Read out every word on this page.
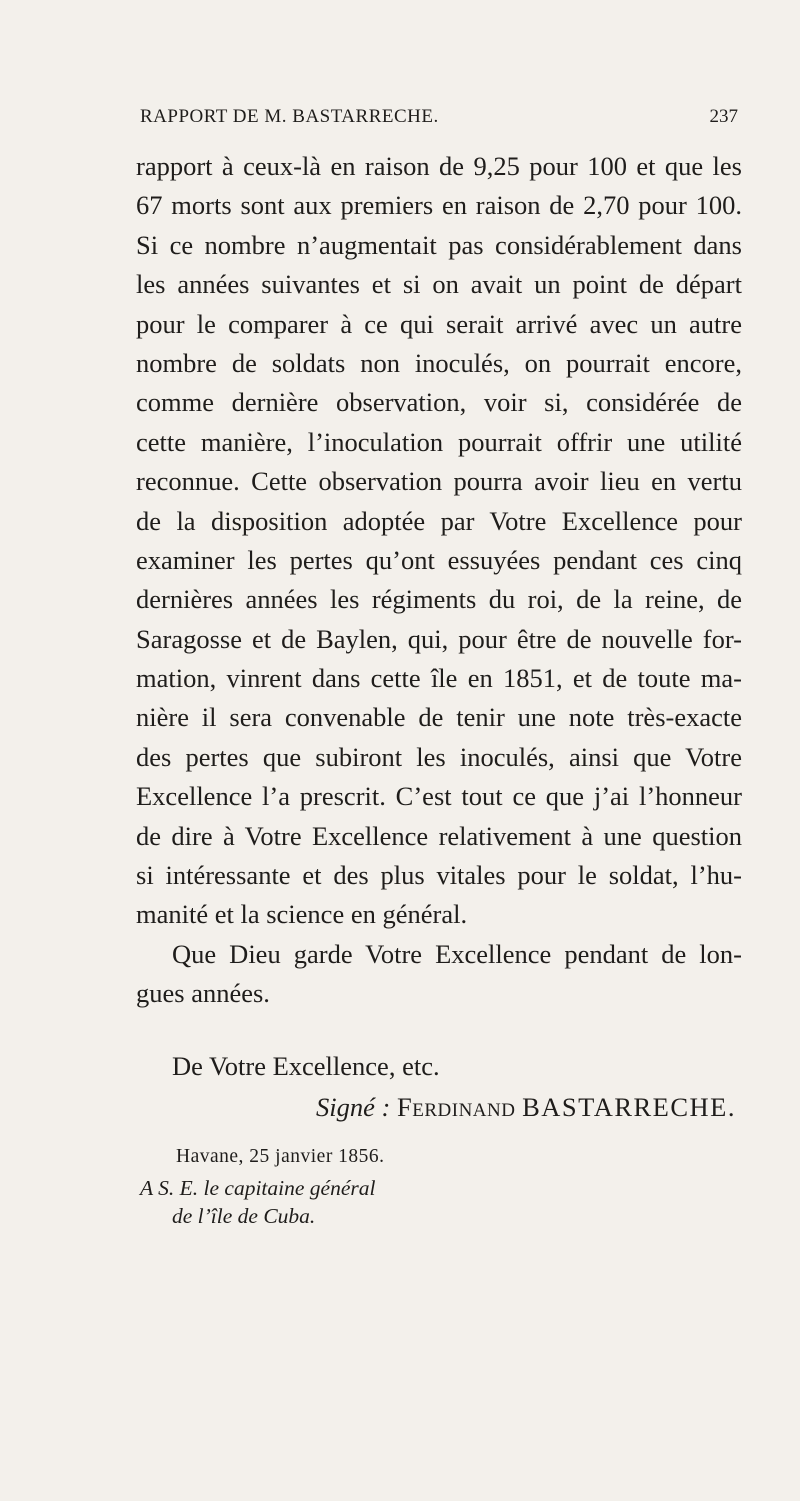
RAPPORT DE M. BASTARRECHE.	237
rapport à ceux-là en raison de 9,25 pour 100 et que les
67 morts sont aux premiers en raison de 2,70 pour 100.
Si ce nombre n’augmentait pas considérablement dans
les années suivantes et si on avait un point de départ
pour le comparer à ce qui serait arrivé avec un autre
nombre de soldats non inoculés, on pourrait encore,
comme dernière observation, voir si, considérée de
cette manière, l’inoculation pourrait offrir une utilité
reconnue. Cette observation pourra avoir lieu en vertu
de la disposition adoptée par Votre Excellence pour
examiner les pertes qu’ont essuyées pendant ces cinq
dernières années les régiments du roi, de la reine, de
Saragosse et de Baylen, qui, pour être de nouvelle for-
mation, vinrent dans cette île en 1851, et de toute ma-
nière il sera convenable de tenir une note très-exacte
des pertes que subiront les inoculés, ainsi que Votre
Excellence l’a prescrit. C’est tout ce que j’ai l’honneur
de dire à Votre Excellence relativement à une question
si intéressante et des plus vitales pour le soldat, l’hu-
manité et la science en général.
Que Dieu garde Votre Excellence pendant de lon-
gues années.
De Votre Excellence, etc.
Signé : Ferdinand BASTARRECHE.
Havane, 25 janvier 1856.
A S. E. le capitaine général
de l’île de Cuba.
